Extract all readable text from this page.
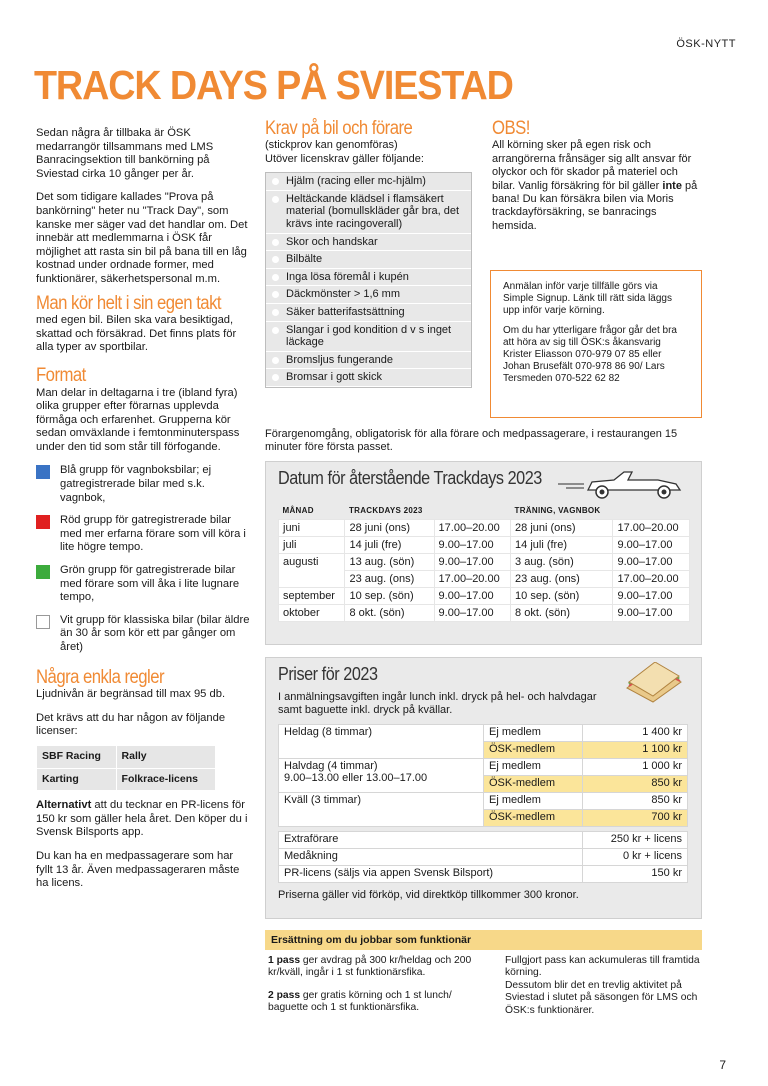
ÖSK-NYTT
TRACK DAYS PÅ SVIESTAD

Sedan några år tillbaka är ÖSK medarrangör tillsammans med LMS Banracingsektion till bankörning på Sviestad cirka 10 gånger per år.

Det som tidigare kallades "Prova på bankörning" heter nu "Track Day", som kanske mer säger vad det handlar om. Det innebär att medlemmarna i ÖSK får möjlighet att rasta sin bil på bana till en låg kostnad under ordnade former, med funktionärer, säkerhetspersonal m.m.

Man kör helt i sin egen takt

med egen bil. Bilen ska vara besiktigad, skattad och försäkrad. Det finns plats för alla typer av sportbilar.

Format

Man delar in deltagarna i tre (ibland fyra) olika grupper efter förarnas upplevda förmåga och erfarenhet. Grupperna kör sedan omväxlande i femtonminuterspass under den tid som står till förfogande.

Blå grupp för vagnboksbilar; ej gatregistrerade bilar med s.k. vagnbok,
Röd grupp för gatregistrerade bilar med mer erfarna förare som vill köra i lite högre tempo.
Grön grupp för gatregistrerade bilar med förare som vill åka i lite lugnare tempo,
Vit grupp för klassiska bilar (bilar äldre än 30 år som kör ett par gånger om året)
Några enkla regler

Ljudnivån är begränsad till max 95 db.

Det krävs att du har någon av följande licenser:

SBF Racing	Rally
Karting	Folkrace-licens

Alternativt att du tecknar en PR-licens för 150 kr som gäller hela året. Den köper du i Svensk Bilsports app.

Du kan ha en medpassagerare som har fyllt 13 år. Även medpassageraren måste ha licens.

Krav på bil och förare
(stickprov kan genomföras)
Utöver licenskrav gäller följande:
Hjälm (racing eller mc-hjälm)
Heltäckande klädsel i flamsäkert material (bomullskläder går bra, det krävs inte racingoverall)
Skor och handskar
Bilbälte
Inga lösa föremål i kupén
Däckmönster > 1,6 mm
Säker batterifastsättning
Slangar i god kondition d v s inget läckage
Bromsljus fungerande
Bromsar i gott skick
OBS!

All körning sker på egen risk och arrangörerna frånsäger sig allt ansvar för olyckor och för skador på materiel och bilar. Vanlig försäkring för bil gäller inte på bana! Du kan försäkra bilen via Moris trackdayförsäkring, se banracings hemsida.

Anmälan inför varje tillfälle görs via Simple Signup. Länk till rätt sida läggs upp inför varje körning.

Om du har ytterligare frågor går det bra att höra av sig till ÖSK:s åkansvarig Krister Eliasson 070-979 07 85 eller Johan Brusefält 070-978 86 90/ Lars Tersmeden 070-522 62 82

Förargenomgång, obligatorisk för alla förare och medpassagerare, i restaurangen 15 minuter före första passet.
Datum för återstående Trackdays 2023
MÅNAD	TRACKDAYS 2023		TRÄNING, VAGNBOK	
juni	28 juni (ons)	17.00–20.00	28 juni (ons)	17.00–20.00
juli	14 juli (fre)	9.00–17.00	14 juli (fre)	9.00–17.00
augusti	13 aug. (sön)	9.00–17.00	3 aug. (sön)	9.00–17.00
	23 aug. (ons)	17.00–20.00	23 aug. (ons)	17.00–20.00
september	10 sep. (sön)	9.00–17.00	10 sep. (sön)	9.00–17.00
oktober	8 okt. (sön)	9.00–17.00	8 okt. (sön)	9.00–17.00
Priser för 2023
I anmälningsavgiften ingår lunch inkl. dryck på hel- och halvdagar samt baguette inkl. dryck på kvällar.
Heldag (8 timmar)	Ej medlem	1 400 kr
	ÖSK-medlem	1 100 kr

Halvdag (4 timmar)
9.00–13.00 eller 13.00–17.00	Ej medlem	1 000 kr
	ÖSK-medlem	850 kr
Kväll (3 timmar)	Ej medlem	850 kr
	ÖSK-medlem	700 kr

Extraförare		250 kr + licens
Medåkning		0 kr + licens
PR-licens (säljs via appen Svensk Bilsport)		150 kr
Priserna gäller vid förköp, vid direktköp tillkommer 300 kronor.
Ersättning om du jobbar som funktionär

1 pass ger avdrag på 300 kr/heldag och 200 kr/kväll, ingår i 1 st funktionärsfika.

2 pass ger gratis körning och 1 st lunch/ baguette och 1 st funktionärsfika.

Fullgjort pass kan ackumuleras till framtida körning.
Dessutom blir det en trevlig aktivitet på Sviestad i slutet på säsongen för LMS och ÖSK:s funktionärer.
7
